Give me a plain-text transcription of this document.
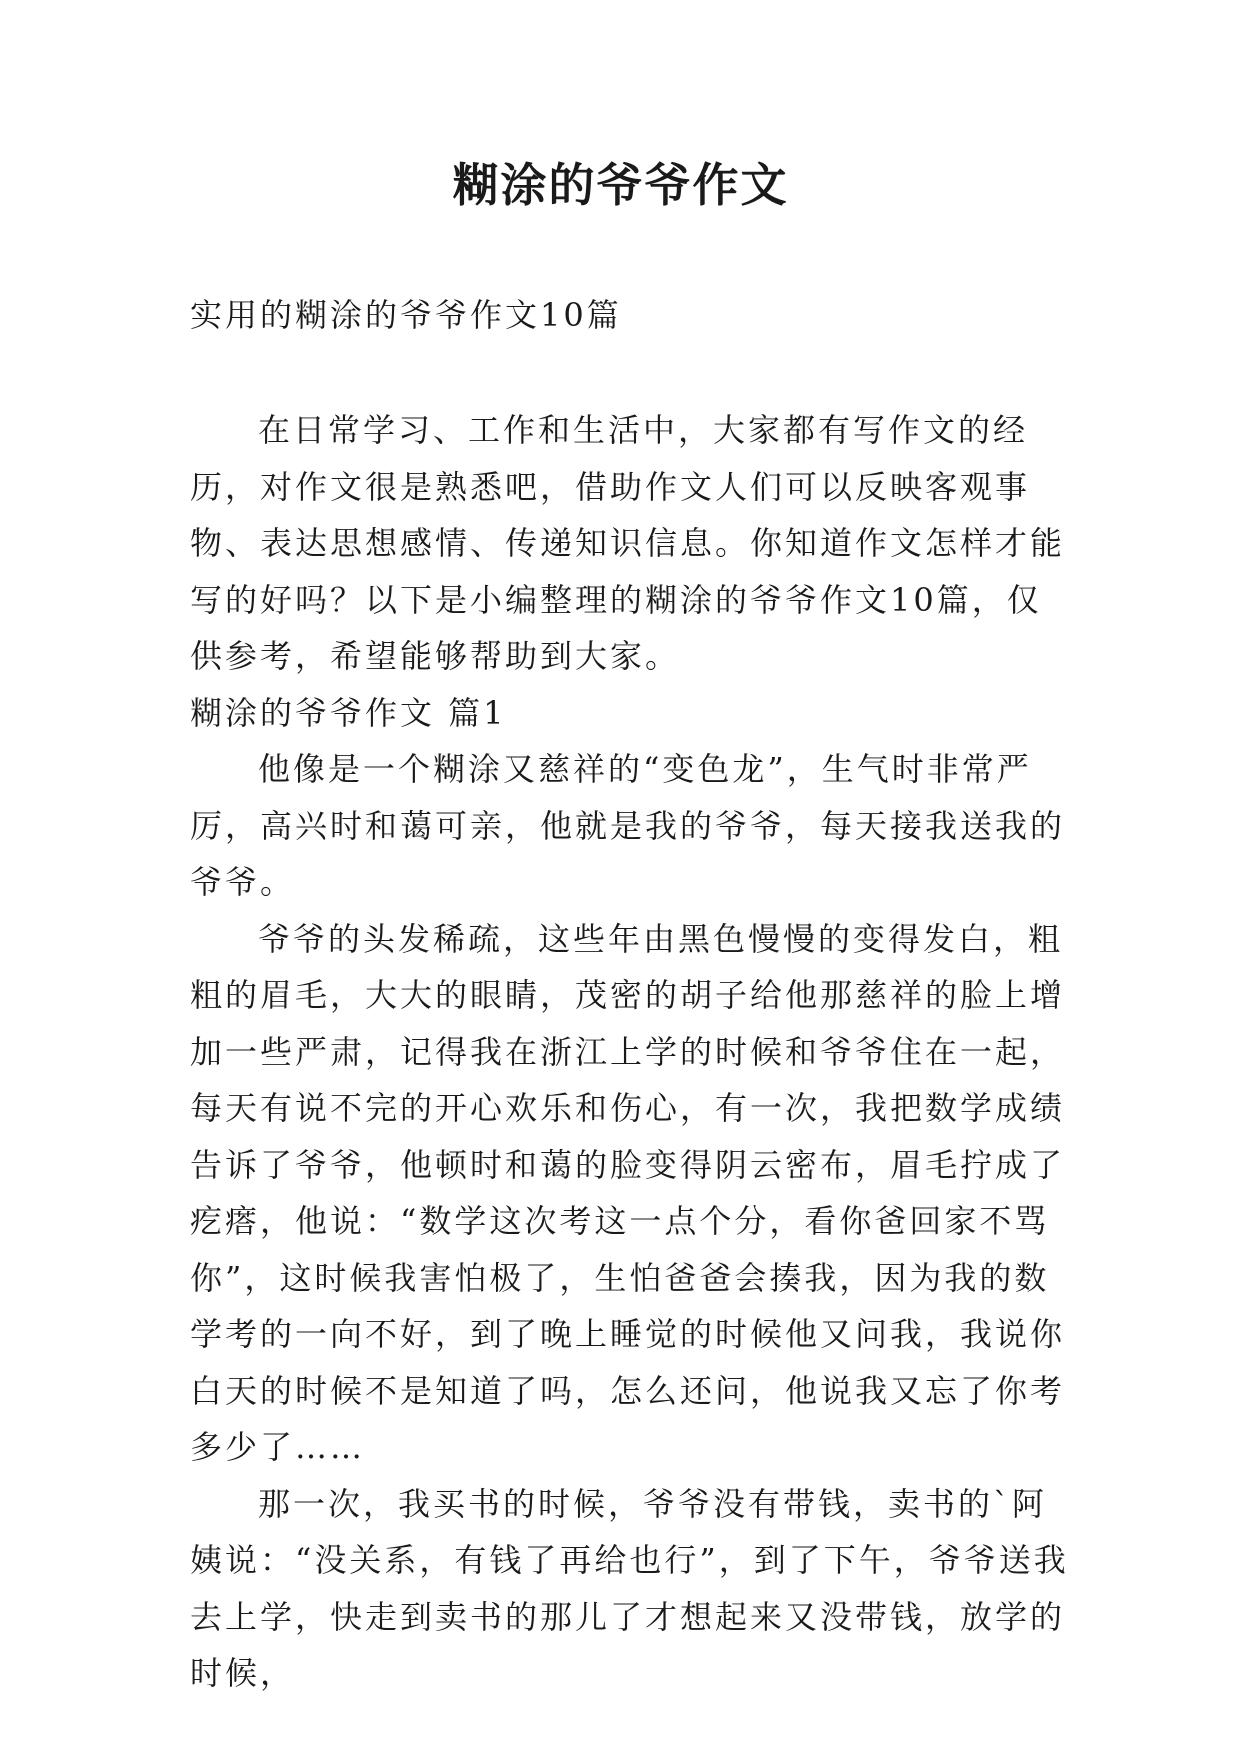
糊涂的爷爷作文
实用的糊涂的爷爷作文10篇

在日常学习、工作和生活中，大家都有写作文的经历，对作文很是熟悉吧，借助作文人们可以反映客观事物、表达思想感情、传递知识信息。你知道作文怎样才能写的好吗？以下是小编整理的糊涂的爷爷作文10篇，仅供参考，希望能够帮助到大家。

糊涂的爷爷作文 篇1

他像是一个糊涂又慈祥的“变色龙”，生气时非常严厉，高兴时和蔼可亲，他就是我的爷爷，每天接我送我的爷爷。

爷爷的头发稀疏，这些年由黑色慢慢的变得发白，粗粗的眉毛，大大的眼睛，茂密的胡子给他那慈祥的脸上增加一些严肃，记得我在浙江上学的时候和爷爷住在一起，每天有说不完的开心欢乐和伤心，有一次，我把数学成绩告诉了爷爷，他顿时和蔼的脸变得阴云密布，眉毛拧成了疙瘩，他说：“数学这次考这一点个分，看你爸回家不骂你”，这时候我害怕极了，生怕爸爸会揍我，因为我的数学考的一向不好，到了晚上睡觉的时候他又问我，我说你白天的时候不是知道了吗，怎么还问，他说我又忘了你考多少了……

那一次，我买书的时候，爷爷没有带钱，卖书的`阿姨说：“没关系，有钱了再给也行”，到了下午，爷爷送我去上学，快走到卖书的那儿了才想起来又没带钱，放学的时候，
